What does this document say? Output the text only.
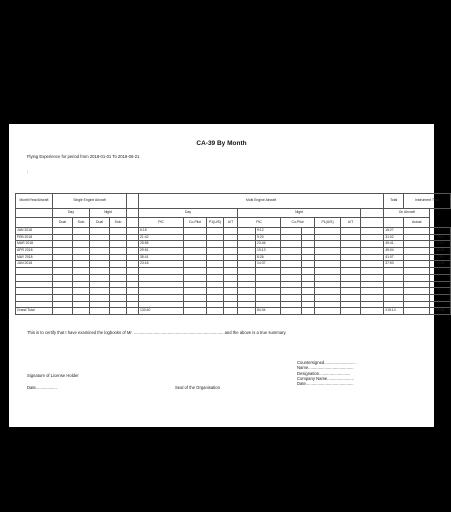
CA-39 By Month
Flying Experience for period from 2018-01-01 To 2018-06-21
:
Month/Year/Aircraft	Single Engine Aircraft					Multi Engine Aircraft											Total	Instrument Time	
	Day		Night			Day				Night							On Aircraft		
	Dual	Solo	Dual	Solo		PIC	Co-Pilot	P1(U/S)	U/T	PIC		Co-Pilot		P1(U/S)	U/T			Actual	
JAN 2018						6:15					9:12						15:27		
FEB 2018						21:42					9:20						31:02		2:00
MAR 2018						25:55					23:46						49:41		8:00
APR 2018						29:51					19:13						49:04		11:30
MAY 2018						35:41					8:26						41:07		7:20
JUN 2018						23:16					14:37						37:53		10:05

Grand Total						130:40					84:34						215:14		38:55
This is to certify that I have examined the logbooks of Mr. ............................................................................. and the above is a true summary.
Countersigned...........................
Name.......................................
Designation...........................
Company Name.......................
Date.........................................
Signature of License Holder
Date..................	Seal of the Organisation
